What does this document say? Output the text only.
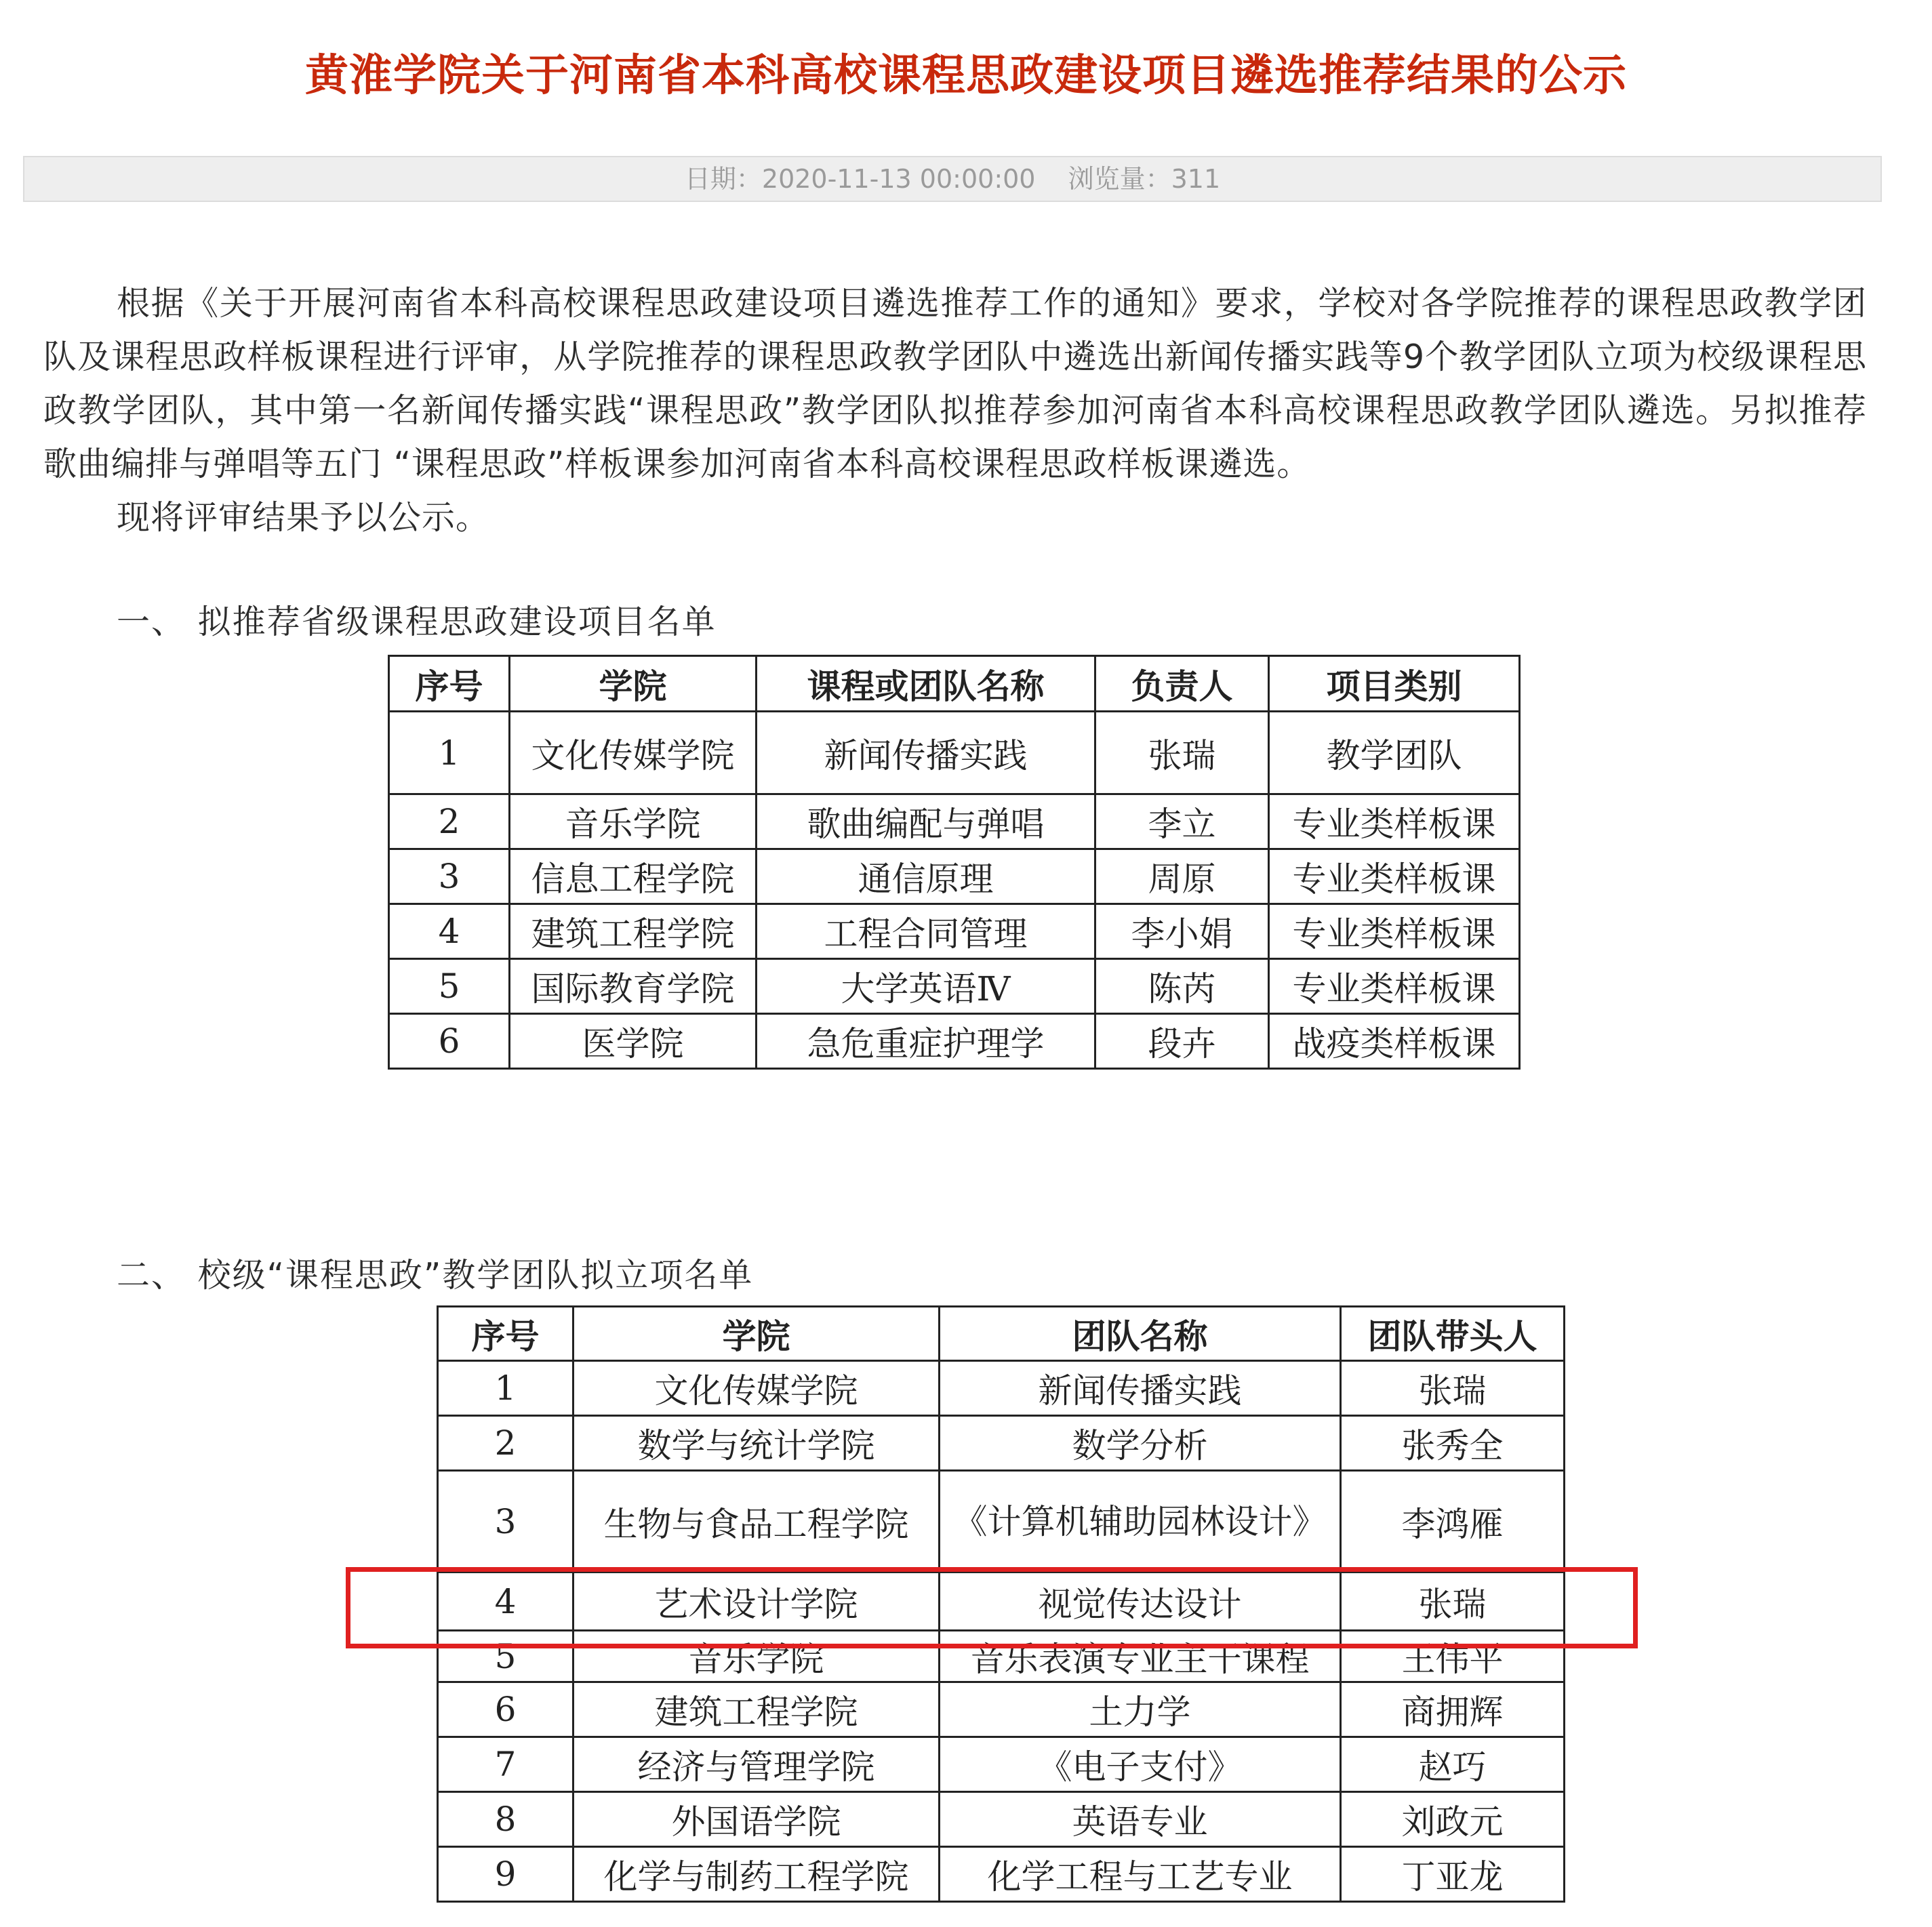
黄淮学院关于河南省本科高校课程思政建设项目遴选推荐结果的公示
日期：2020-11-13 00:00:00 浏览量：311
根据《关于开展河南省本科高校课程思政建设项目遴选推荐工作的通知》要求，学校对各学院推荐的课程思政教学团队及课程思政样板课程进行评审，从学院推荐的课程思政教学团队中遴选出新闻传播实践等9个教学团队立项为校级课程思政教学团队，其中第一名新闻传播实践“课程思政”教学团队拟推荐参加河南省本科高校课程思政教学团队遴选。另拟推荐歌曲编排与弹唱等五门 “课程思政”样板课参加河南省本科高校课程思政样板课遴选。
现将评审结果予以公示。
一、 拟推荐省级课程思政建设项目名单
序号	学院	课程或团队名称	负责人	项目类别
1	文化传媒学院	新闻传播实践	张瑞	教学团队
2	音乐学院	歌曲编配与弹唱	李立	专业类样板课
3	信息工程学院	通信原理	周原	专业类样板课
4	建筑工程学院	工程合同管理	李小娟	专业类样板课
5	国际教育学院	大学英语Ⅳ	陈芮	专业类样板课
6	医学院	急危重症护理学	段卉	战疫类样板课
二、 校级“课程思政”教学团队拟立项名单
序号	学院	团队名称	团队带头人
1	文化传媒学院	新闻传播实践	张瑞
2	数学与统计学院	数学分析	张秀全
3	生物与食品工程学院	《计算机辅助园林设计》	李鸿雁
4	艺术设计学院	视觉传达设计	张瑞
5	音乐学院	音乐表演专业主干课程	王伟平
6	建筑工程学院	土力学	商拥辉
7	经济与管理学院	《电子支付》	赵巧
8	外国语学院	英语专业	刘政元
9	化学与制药工程学院	化学工程与工艺专业	丁亚龙
